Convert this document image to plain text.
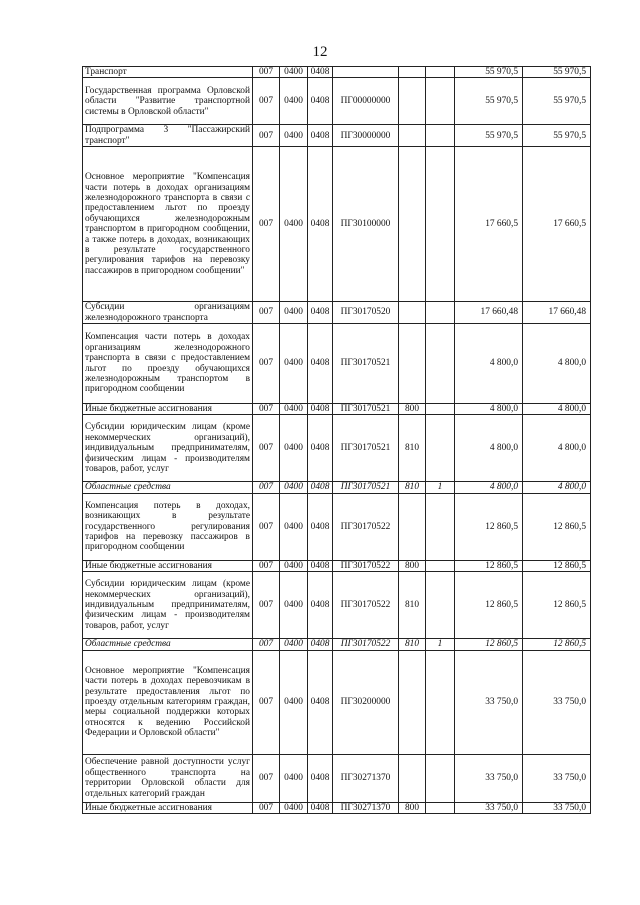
12
Транспорт	007	0400	0408				55 970,5	55 970,5
Государственная программа Орловской области "Развитие транспортной системы в Орловской области"	007	0400	0408	ПГ00000000			55 970,5	55 970,5
Подпрограмма 3 "Пассажирский транспорт"	007	0400	0408	ПГ30000000			55 970,5	55 970,5
Основное мероприятие "Компенсация части потерь в доходах организациям железнодорожного транспорта в связи с предоставлением льгот по проезду обучающихся железнодорожным транспортом в пригородном сообщении, а также потерь в доходах, возникающих в результате государственного регулирования тарифов на перевозку пассажиров в пригородном сообщении"	007	0400	0408	ПГ30100000			17 660,5	17 660,5
Субсидии организациям железнодорожного транспорта	007	0400	0408	ПГ30170520			17 660,48	17 660,48
Компенсация части потерь в доходах организациям железнодорожного транспорта в связи с предоставлением льгот по проезду обучающихся железнодорожным транспортом в пригородном сообщении	007	0400	0408	ПГ30170521			4 800,0	4 800,0
Иные бюджетные ассигнования	007	0400	0408	ПГ30170521	800		4 800,0	4 800,0
Субсидии юридическим лицам (кроме некоммерческих организаций), индивидуальным предпринимателям, физическим лицам - производителям товаров, работ, услуг	007	0400	0408	ПГ30170521	810		4 800,0	4 800,0
Областные средства	007	0400	0408	ПГ30170521	810	1	4 800,0	4 800,0
Компенсация потерь в доходах, возникающих в результате государственного регулирования тарифов на перевозку пассажиров в пригородном сообщении	007	0400	0408	ПГ30170522			12 860,5	12 860,5
Иные бюджетные ассигнования	007	0400	0408	ПГ30170522	800		12 860,5	12 860,5
Субсидии юридическим лицам (кроме некоммерческих организаций), индивидуальным предпринимателям, физическим лицам - производителям товаров, работ, услуг	007	0400	0408	ПГ30170522	810		12 860,5	12 860,5
Областные средства	007	0400	0408	ПГ30170522	810	1	12 860,5	12 860,5
Основное мероприятие "Компенсация части потерь в доходах перевозчикам в результате предоставления льгот по проезду отдельным категориям граждан, меры социальной поддержки которых относятся к ведению Российской Федерации и Орловской области"	007	0400	0408	ПГ30200000			33 750,0	33 750,0
Обеспечение равной доступности услуг общественного транспорта на территории Орловской области для отдельных категорий граждан	007	0400	0408	ПГ30271370			33 750,0	33 750,0
Иные бюджетные ассигнования	007	0400	0408	ПГ30271370	800		33 750,0	33 750,0
